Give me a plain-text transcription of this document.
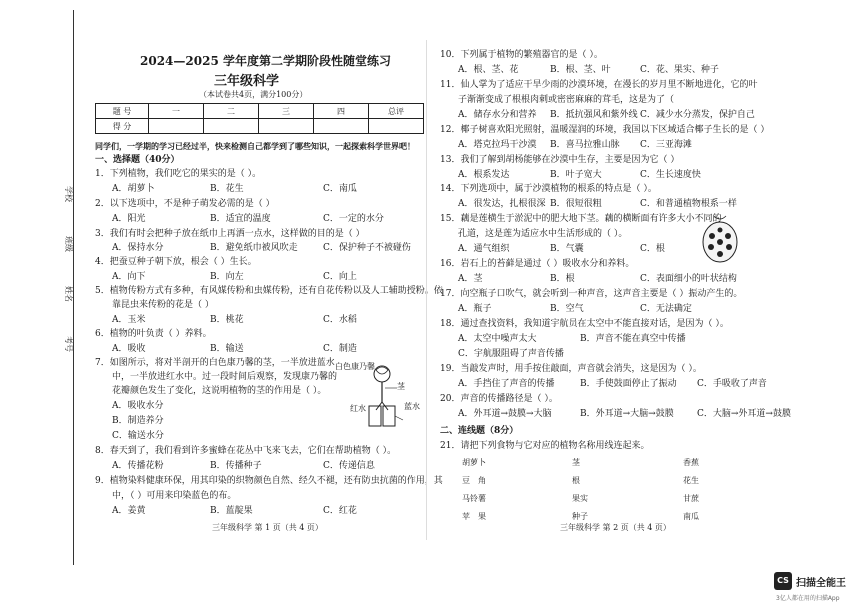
学校
班级
姓名
考号
2024—2025 学年度第二学期阶段性随堂练习
三年级科学
（本试卷共4页，满分100分）
题 号	一	二	三	四	总评
得 分					
同学们，一学期的学习已经过半，快来检测自己都学到了哪些知识，一起探索科学世界吧！
一、选择题（40分）
1．下列植物，我们吃它的果实的是（ ）。
A．胡萝卜	B．花生	C．南瓜
2．以下选项中，不是种子萌发必需的是（ ）
A．阳光	B．适宜的温度	C．一定的水分
3．我们有时会把种子放在纸巾上再洒一点水，这样做的目的是（ ）
A．保持水分	B．避免纸巾被风吹走	C．保护种子不被碰伤
4．把蚕豆种子朝下放，根会（ ）生长。
A．向下	B．向左	C．向上
5．植物传粉方式有多种，有风媒传粉和虫媒传粉，还有自花传粉以及人工辅助授粉。依
靠昆虫来传粉的花是（ ）
A．玉米	B．桃花	C．水稻
6．植物的叶负责（ ）养料。
A．吸收	B．输送	C．制造
7．如图所示，将对半剖开的白色康乃馨的茎，一半放进蓝水
中，一半放进红水中。过一段时间后观察，发现康乃馨的
花瓣颜色发生了变化，这说明植物的茎的作用是（ ）。
A．吸收水分
B．制造养分
C．输送水分
白色康乃馨
茎
红水	蓝水
8．春天到了，我们看到许多蜜蜂在花丛中飞来飞去，它们在帮助植物（ ）。
A．传播花粉	B．传播种子	C．传递信息
9．植物染料健康环保，用其印染的织物颜色自然、经久不褪，还有防虫抗菌的作用，其
中，（ ）可用来印染蓝色的布。
A．姜黄	B．蓝靛果	C．红花
三年级科学 第 1 页（共 4 页）
10．下列属于植物的繁殖器官的是（ ）。
A．根、茎、花	B．根、茎、叶	C．花、果实、种子
11．仙人掌为了适应干旱少雨的沙漠环境，在漫长的岁月里不断地进化，它的叶
子渐渐变成了根根肉刺或密密麻麻的茸毛，这是为了（
A．储存水分和营养 B．抵抗强风和紫外线 C．减少水分蒸发，保护自己
12．椰子树喜欢阳光照射，温暖湿润的环境，我国以下区域适合椰子生长的是（ ）
A．塔克拉玛干沙漠 B．喜马拉雅山脉 C．三亚海滩
13．我们了解到胡杨能够在沙漠中生存，主要是因为它（ ）
A．根系发达	B．叶子宽大	C．生长速度快
14．下列选项中，属于沙漠植物的根系的特点是（ ）。
A．很发达，扎根很深 B．很短很粗	C．和普通植物根系一样
15．藕是莲横生于淤泥中的肥大地下茎。藕的横断面有许多大小不同的
孔道，这是莲为适应水中生活形成的（ ）。
A．通气组织	B．气囊	C．根
16．岩石上的苔藓是通过（ ）吸收水分和养料。
A．茎	B．根	C．表面细小的叶状结构
17．向空瓶子口吹气，就会听到一种声音，这声音主要是（ ）振动产生的。
A．瓶子	B．空气	C．无法确定
18．通过查找资料，我知道宇航员在太空中不能直接对话，是因为（ ）。
A．太空中噪声太大	B．声音不能在真空中传播
C．宇航服阻碍了声音传播
19．当敲发声时，用手按住敲面，声音就会消失，这是因为（ ）。
A．手挡住了声音的传播	B．手使鼓面停止了振动 C．手吸收了声音
20．声音的传播路径是（ ）。
A．外耳道→鼓膜→大脑	B．外耳道→大脑→鼓膜	C．大脑→外耳道→鼓膜
二、连线题（8分）
21．请把下列食物与它对应的植物名称用线连起来。
胡萝卜
豆　角
马铃薯
苹　果
茎
根
果实
种子
香蕉
花生
甘蔗
南瓜
三年级科学 第 2 页（共 4 页）
CS 扫描全能王
3亿人都在用的扫描App
